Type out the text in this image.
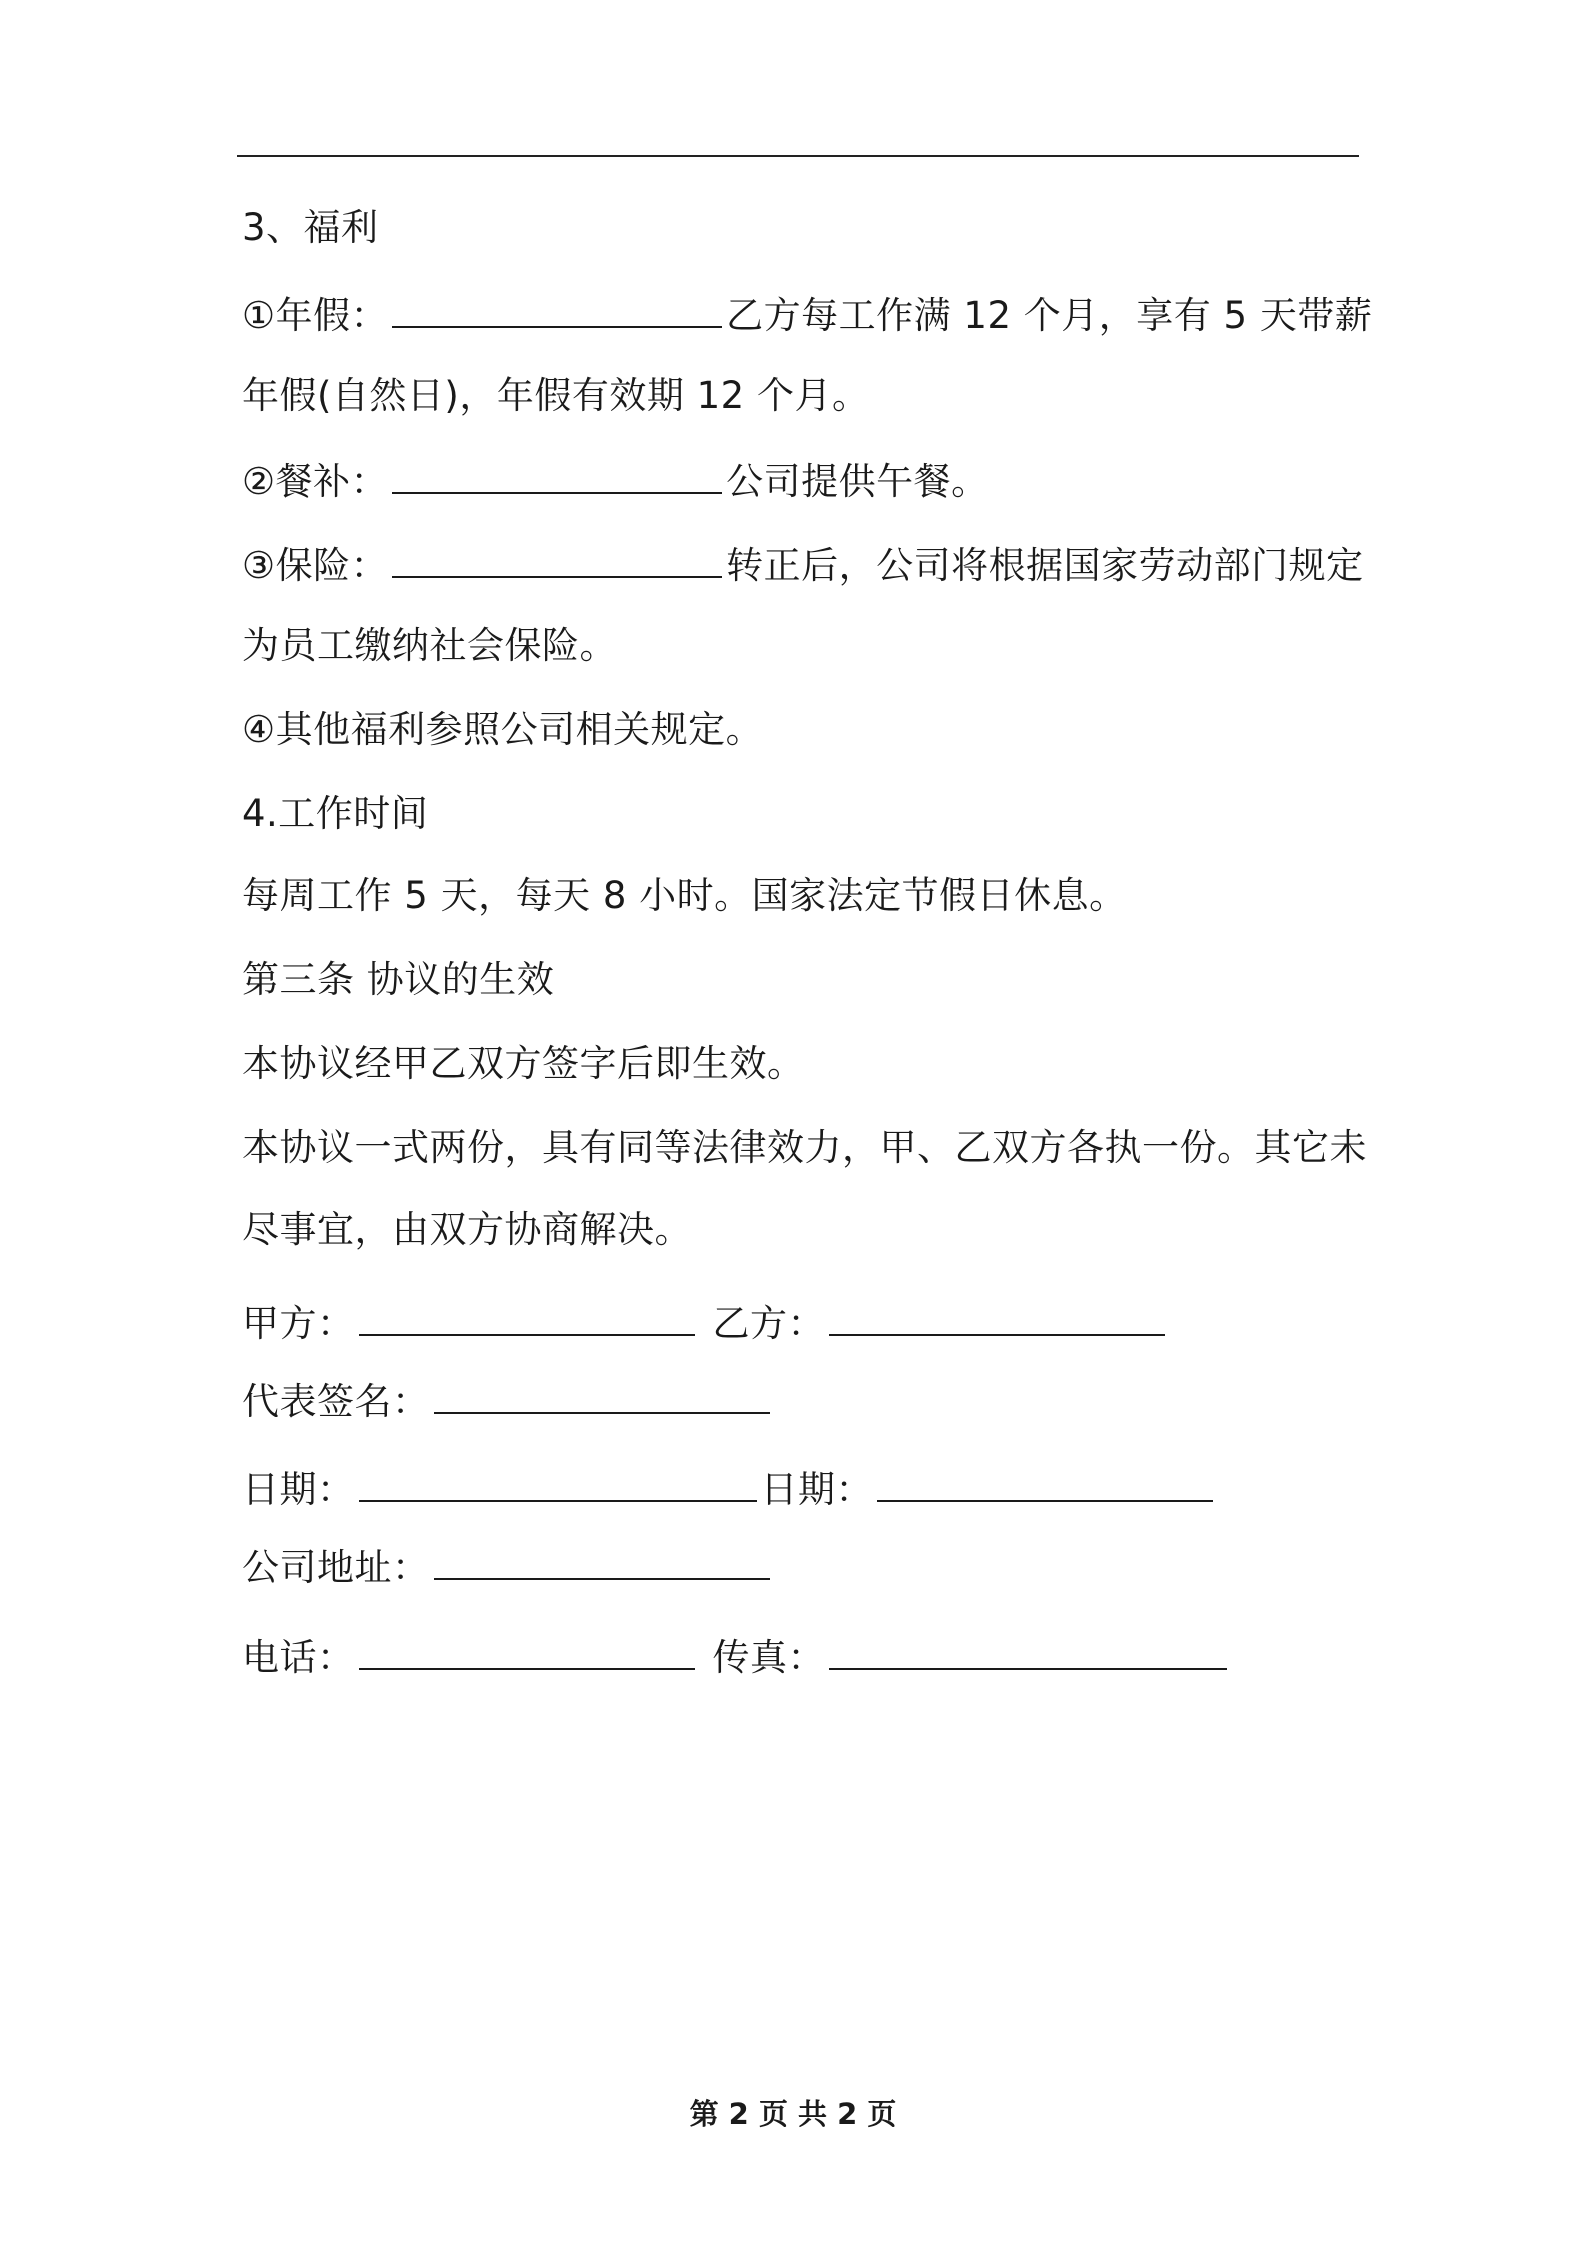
3、福利
①年假：	乙方每工作满 12 个月，享有 5 天带薪
年假(自然日)，年假有效期 12 个月。
②餐补：	公司提供午餐。
③保险：	转正后，公司将根据国家劳动部门规定
为员工缴纳社会保险。
④其他福利参照公司相关规定。
4.工作时间
每周工作 5 天，每天 8 小时。国家法定节假日休息。
第三条 协议的生效
本协议经甲乙双方签字后即生效。
本协议一式两份，具有同等法律效力，甲、乙双方各执一份。其它未
尽事宜，由双方协商解决。
甲方：	乙方：
代表签名：
日期：	日期：
公司地址：
电话：	传真：
第 2 页 共 2 页
